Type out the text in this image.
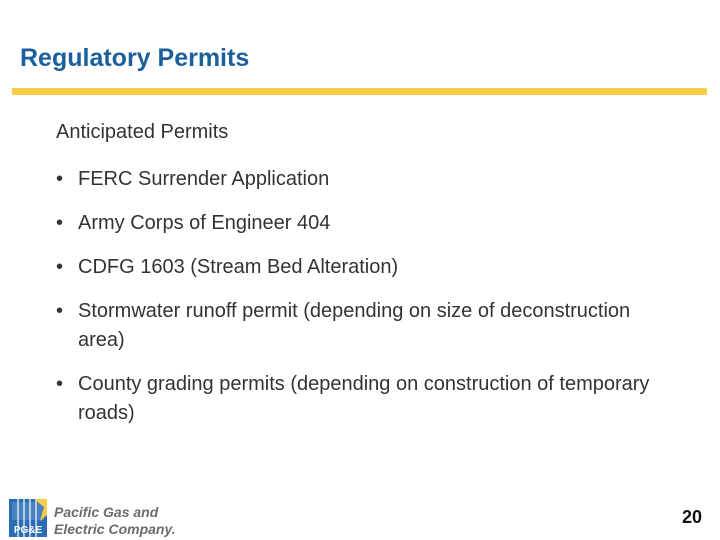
Regulatory Permits
Anticipated Permits
• FERC Surrender Application
• Army Corps of Engineer 404
• CDFG 1603 (Stream Bed Alteration)
• Stormwater runoff permit (depending on size of deconstruction area)
• County grading permits (depending on construction of temporary roads)
PG&E
Pacific Gas and
Electric Company.
20
